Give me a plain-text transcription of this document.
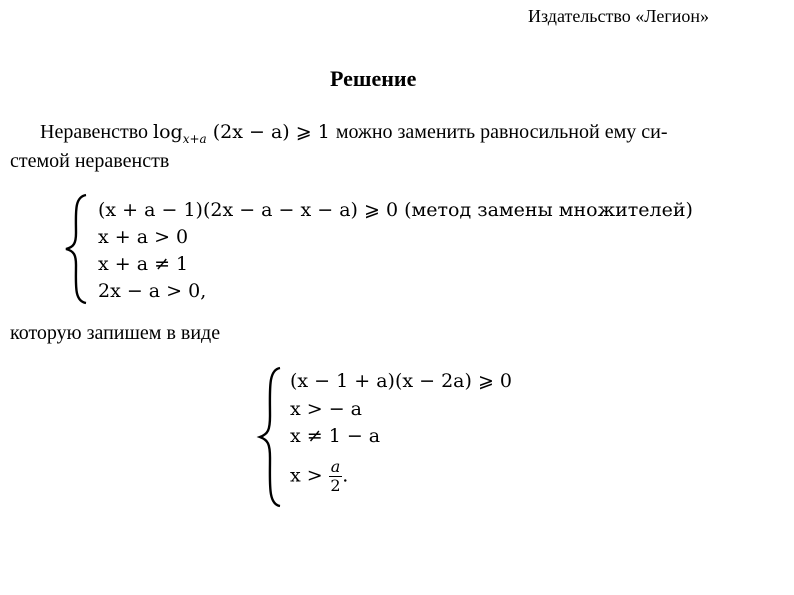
Издательство «Легион»
Решение
Неравенство $\log_{x+a} (2x - a)$ ⩾ 1 можно заменить равносильной ему си-
стемой неравенств
(x + a − 1)(2x − a − x − a) ⩾ 0 (метод замены множителей)
x + a > 0
x + a ≠ 1
2x − a > 0,
которую запишем в виде
(x − 1 + a)(x − 2a) ⩾ 0
x > − a
x ≠ 1 − a
$x > \frac{a}{2}$ .
